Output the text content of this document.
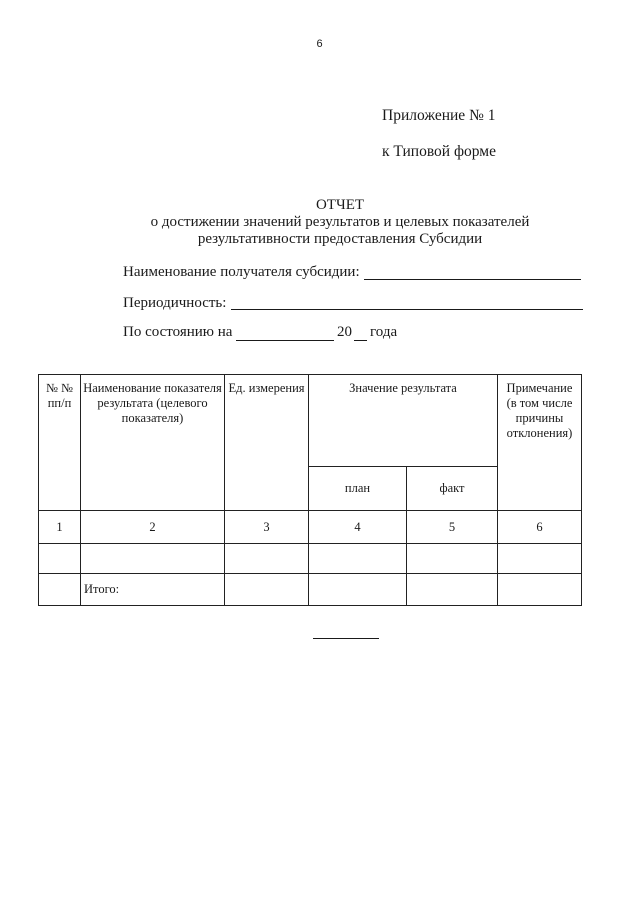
6
Приложение № 1
к Типовой форме
ОТЧЕТ
о достижении значений результатов и целевых показателей
результативности предоставления Субсидии
Наименование получателя субсидии:
Периодичность:
По состоянию на	20 года
№ № пп/п	Наименование показателя результата (целевого показателя)	Ед. измерения	Значение результата		Примечание (в том числе причины отклонения)
			план	факт	
1	2	3	4	5	6

	Итого:				
